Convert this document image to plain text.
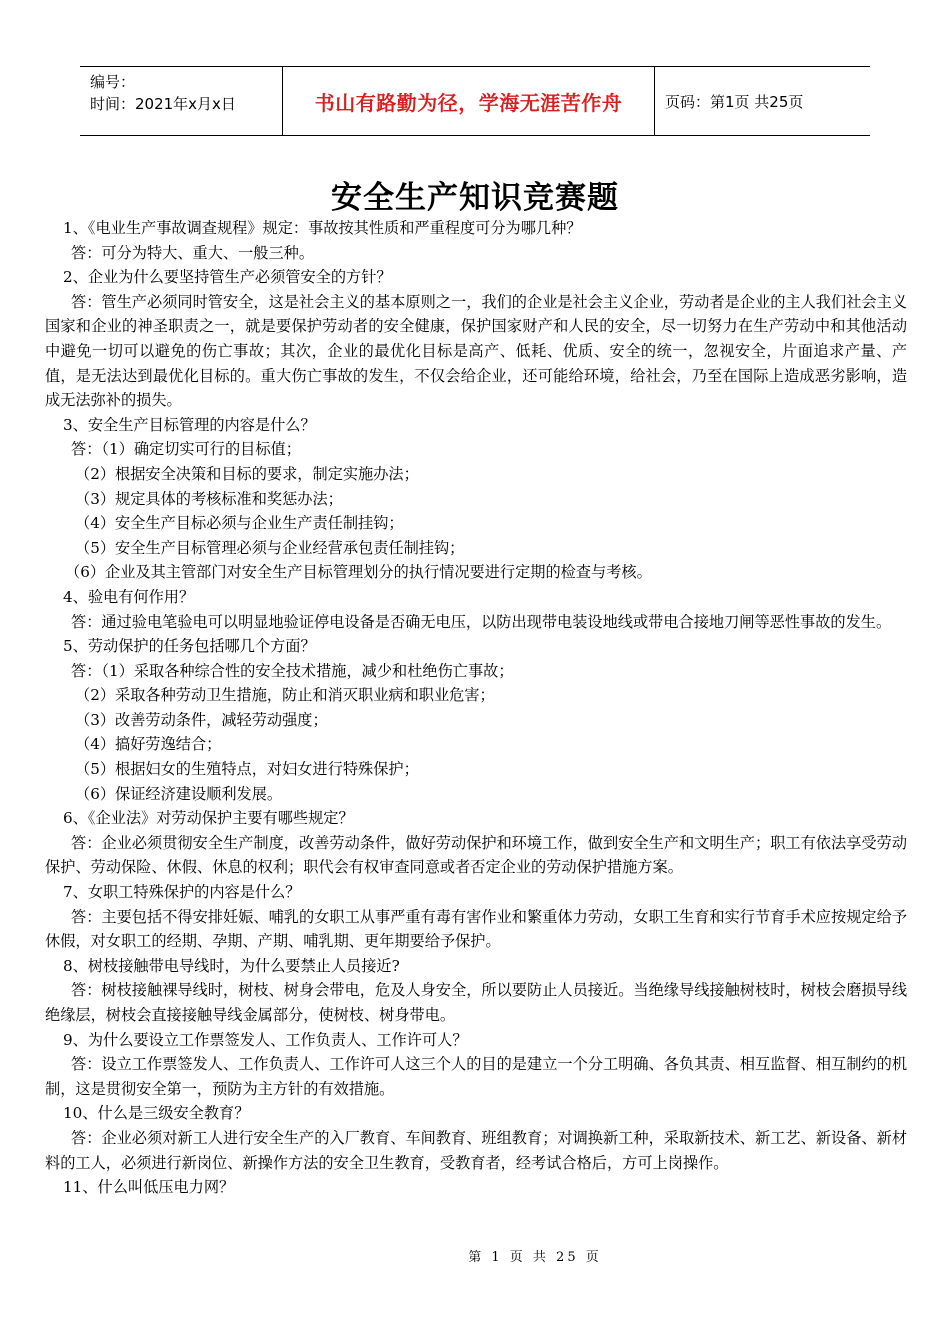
编号：
时间：2021年x月x日	书山有路勤为径，学海无涯苦作舟	页码：第1页 共25页
安全生产知识竞赛题

1、《电业生产事故调查规程》规定：事故按其性质和严重程度可分为哪几种？

答：可分为特大、重大、一般三种。

2、企业为什么要坚持管生产必须管安全的方针？

答：管生产必须同时管安全，这是社会主义的基本原则之一，我们的企业是社会主义企业，劳动者是企业的主人我们社会主义国家和企业的神圣职责之一，就是要保护劳动者的安全健康，保护国家财产和人民的安全，尽一切努力在生产劳动中和其他活动中避免一切可以避免的伤亡事故；其次，企业的最优化目标是高产、低耗、优质、安全的统一，忽视安全，片面追求产量、产值，是无法达到最优化目标的。重大伤亡事故的发生，不仅会给企业，还可能给环境，给社会，乃至在国际上造成恶劣影响，造成无法弥补的损失。

3、安全生产目标管理的内容是什么？

答：（1）确定切实可行的目标值；

（2）根据安全决策和目标的要求，制定实施办法；

（3）规定具体的考核标准和奖惩办法；

（4）安全生产目标必须与企业生产责任制挂钩；

（5）安全生产目标管理必须与企业经营承包责任制挂钩；

（6）企业及其主管部门对安全生产目标管理划分的执行情况要进行定期的检查与考核。

4、验电有何作用？

答：通过验电笔验电可以明显地验证停电设备是否确无电压，以防出现带电装设地线或带电合接地刀闸等恶性事故的发生。

5、劳动保护的任务包括哪几个方面？

答：（1）采取各种综合性的安全技术措施，减少和杜绝伤亡事故；

（2）采取各种劳动卫生措施，防止和消灭职业病和职业危害；

（3）改善劳动条件，减轻劳动强度；

（4）搞好劳逸结合；

（5）根据妇女的生殖特点，对妇女进行特殊保护；

（6）保证经济建设顺利发展。

6、《企业法》对劳动保护主要有哪些规定？

答：企业必须贯彻安全生产制度，改善劳动条件，做好劳动保护和环境工作，做到安全生产和文明生产；职工有依法享受劳动保护、劳动保险、休假、休息的权利；职代会有权审查同意或者否定企业的劳动保护措施方案。

7、女职工特殊保护的内容是什么？

答：主要包括不得安排妊娠、哺乳的女职工从事严重有毒有害作业和繁重体力劳动，女职工生育和实行节育手术应按规定给予休假，对女职工的经期、孕期、产期、哺乳期、更年期要给予保护。

8、树枝接触带电导线时，为什么要禁止人员接近?

答：树枝接触裸导线时，树枝、树身会带电，危及人身安全，所以要防止人员接近。当绝缘导线接触树枝时，树枝会磨损导线绝缘层，树枝会直接接触导线金属部分，使树枝、树身带电。

9、为什么要设立工作票签发人、工作负责人、工作许可人？

答：设立工作票签发人、工作负责人、工作许可人这三个人的目的是建立一个分工明确、各负其责、相互监督、相互制约的机制，这是贯彻安全第一，预防为主方针的有效措施。

10、什么是三级安全教育？

答：企业必须对新工人进行安全生产的入厂教育、车间教育、班组教育；对调换新工种，采取新技术、新工艺、新设备、新材料的工人，必须进行新岗位、新操作方法的安全卫生教育，受教育者，经考试合格后，方可上岗操作。

11、什么叫低压电力网？

第 1 页 共 25 页
